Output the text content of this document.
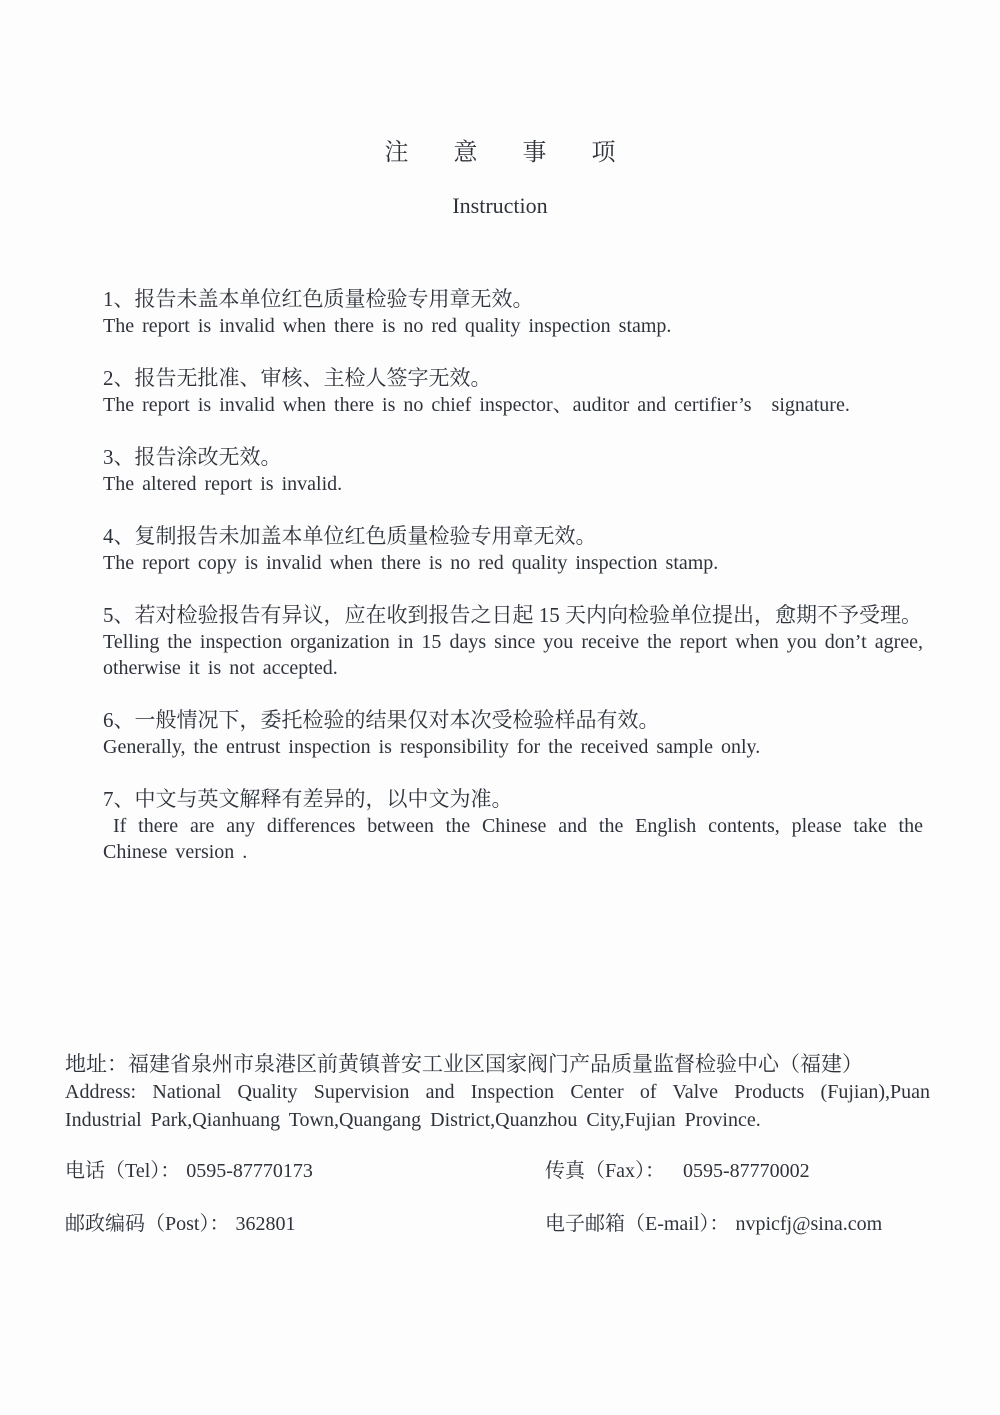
注意事项
Instruction

1、报告未盖本单位红色质量检验专用章无效。

The report is invalid when there is no red quality inspection stamp.

2、报告无批准、审核、主检人签字无效。

The report is invalid when there is no chief inspector、auditor and certifier’s signature.

3、报告涂改无效。

The altered report is invalid.

4、复制报告未加盖本单位红色质量检验专用章无效。

The report copy is invalid when there is no red quality inspection stamp.

5、若对检验报告有异议，应在收到报告之日起 15 天内向检验单位提出，愈期不予受理。

Telling the inspection organization in 15 days since you receive the report when you don’t agree, otherwise it is not accepted.

6、一般情况下，委托检验的结果仅对本次受检验样品有效。

Generally, the entrust inspection is responsibility for the received sample only.

7、中文与英文解释有差异的，以中文为准。

If there are any differences between the Chinese and the English contents, please take the Chinese version .

地址：福建省泉州市泉港区前黄镇普安工业区国家阀门产品质量监督检验中心（福建）

Address: National Quality Supervision and Inspection Center of Valve Products (Fujian),Puan Industrial Park,Qianhuang Town,Quangang District,Quanzhou City,Fujian Province.

电话（Tel）： 0595-87770173	传真（Fax）： 0595-87770002
邮政编码（Post）： 362801	电子邮箱（E-mail）： nvpicfj@sina.com
